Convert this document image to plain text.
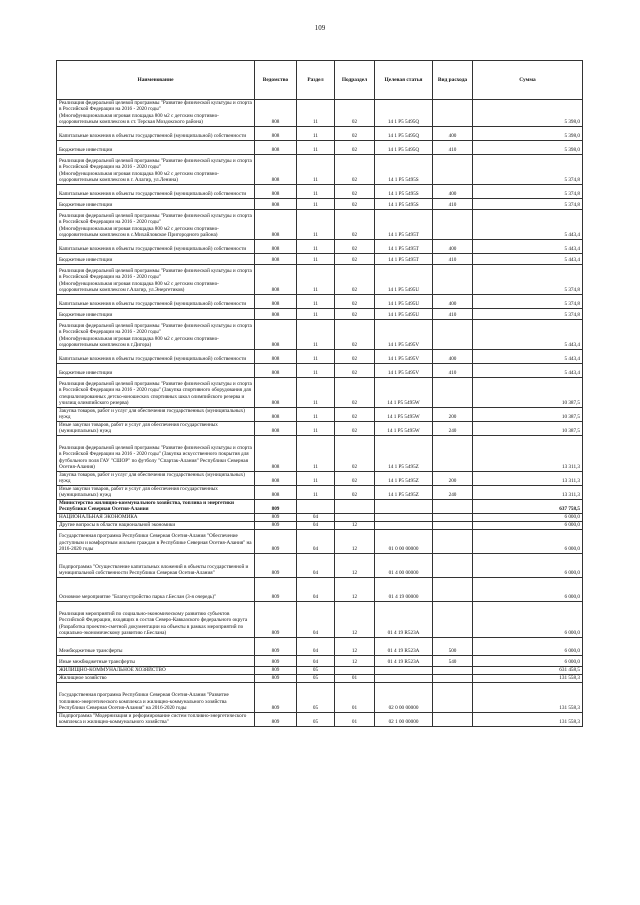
109
Наименование	Ведомство	Раздел	Подраздел	Целевая статья	Вид расхода	Сумма
Реализация федеральной целевой программы "Развитие физической культуры и спорта в Российской Федерации на 2016 - 2020 годы"
(Многофункциональная игровая площадка 800 м2 с детским спортивно-оздоровительным комплексом в ст. Терская Моздокского района)	808	11	02	14 1 P5 5495Q		5 398,0
Капитальные вложения в объекты государственной (муниципальной) собственности	808	11	02	14 1 P5 5495Q	400	5 398,0
Бюджетные инвестиции	808	11	02	14 1 P5 5495Q	410	5 398,0
Реализация федеральной целевой программы "Развитие физической культуры и спорта в Российской Федерации на 2016 - 2020 годы"
(Многофункциональная игровая площадка 800 м2 с детским спортивно-оздоровительным комплексом в г. Алагир, ул.Ленина)	808	11	02	14 1 P5 5495S		5 374,8
Капитальные вложения в объекты государственной (муниципальной) собственности	808	11	02	14 1 P5 5495S	400	5 374,8
Бюджетные инвестиции	808	11	02	14 1 P5 5495S	410	5 374,8
Реализация федеральной целевой программы "Развитие физической культуры и спорта в Российской Федерации на 2016 - 2020 годы"
(Многофункциональная игровая площадка 800 м2 с детским спортивно-оздоровительным комплексом в с.Михайловское Пригородного района)	808	11	02	14 1 P5 5495T		5 443,4
Капитальные вложения в объекты государственной (муниципальной) собственности	808	11	02	14 1 P5 5495T	400	5 443,4
Бюджетные инвестиции	808	11	02	14 1 P5 5495T	410	5 443,4
Реализация федеральной целевой программы "Развитие физической культуры и спорта в Российской Федерации на 2016 - 2020 годы"
(Многофункциональная игровая площадка 800 м2 с детским спортивно-оздоровительным комплексом г.Алагир, ул.Энергетиков)	808	11	02	14 1 P5 5495U		5 374,8
Капитальные вложения в объекты государственной (муниципальной) собственности	808	11	02	14 1 P5 5495U	400	5 374,8
Бюджетные инвестиции	808	11	02	14 1 P5 5495U	410	5 374,8
Реализация федеральной целевой программы "Развитие физической культуры и спорта в Российской Федерации на 2016 - 2020 годы"
(Многофункциональная игровая площадка 800 м2 с детским спортивно-оздоровительным комплексом в г.Дигора)	808	11	02	14 1 P5 5495V		5 443,4
Капитальные вложения в объекты государственной (муниципальной) собственности	808	11	02	14 1 P5 5495V	400	5 443,4
Бюджетные инвестиции	808	11	02	14 1 P5 5495V	410	5 443,4
Реализация федеральной целевой программы "Развитие физической культуры и спорта в Российской Федерации на 2016 - 2020 годы" (Закупка спортивного оборудования для специализированных детско-юношеских спортивных школ олимпийского резерва и училищ олимпийского резерва)	808	11	02	14 1 P5 5495W		10 387,5
Закупка товаров, работ и услуг для обеспечения государственных (муниципальных) нужд	808	11	02	14 1 P5 5495W	200	10 387,5
Иные закупки товаров, работ и услуг для обеспечения государственных (муниципальных) нужд	808	11	02	14 1 P5 5495W	240	10 387,5
Реализация федеральной целевой программы "Развитие физической культуры и спорта в Российской Федерации на 2016 - 2020 годы" (Закупка искусственного покрытия для футбольного поля ГАУ "СШОР" по футболу "Спартак-Алания" Республики Северная Осетия-Алания)	808	11	02	14 1 P5 5495Z		13 311,3
Закупка товаров, работ и услуг для обеспечения государственных (муниципальных) нужд	808	11	02	14 1 P5 5495Z	200	13 311,3
Иные закупки товаров, работ и услуг для обеспечения государственных (муниципальных) нужд	808	11	02	14 1 P5 5495Z	240	13 311,3
Министерство жилищно-коммунального хозяйства, топлива и энергетики Республики Северная Осетия-Алания	809					637 758,5
НАЦИОНАЛЬНАЯ ЭКОНОМИКА	809	04				6 000,0
Другие вопросы в области национальной экономики	809	04	12			6 000,0
Государственная программа Республики Северная Осетия-Алания "Обеспечение доступным и комфортным жильем граждан в Республике Северная Осетия-Алания" на 2016-2020 годы	809	04	12	01 0 00 00000		6 000,0
Подпрограмма "Осуществление капитальных вложений в объекты государственной и муниципальной собственности Республики Северная Осетия-Алания"	809	04	12	01 4 00 00000		6 000,0
Основное мероприятие "Благоустройство парка г.Беслан (3-я очередь)"	809	04	12	01 4 19 00000		6 000,0
Реализация мероприятий по социально-экономическому развитию субъектов Российской Федерации, входящих в состав Северо-Кавказского федерального округа (Разработка проектно-сметной документации на объекты в рамках мероприятий по социально-экономическому развитию г.Беслана)	809	04	12	01 4 19 R523A		6 000,0
Межбюджетные трансферты	809	04	12	01 4 19 R523A	500	6 000,0
Иные межбюджетные трансферты	809	04	12	01 4 19 R523A	540	6 000,0
ЖИЛИЩНО-КОММУНАЛЬНОЕ ХОЗЯЙСТВО	809	05				631 458,5
Жилищное хозяйство	809	05	01			131 558,3
Государственная программа Республики Северная Осетия-Алания "Развитие топливно-энергетического комплекса и жилищно-коммунального хозяйства Республики Северная Осетия-Алания" на 2016-2020 годы	809	05	01	02 0 00 00000		131 558,3
Подпрограмма "Модернизация и реформирование систем топливно-энергетического комплекса и жилищно-коммунального хозяйства"	809	05	01	02 1 00 00000		131 558,3
